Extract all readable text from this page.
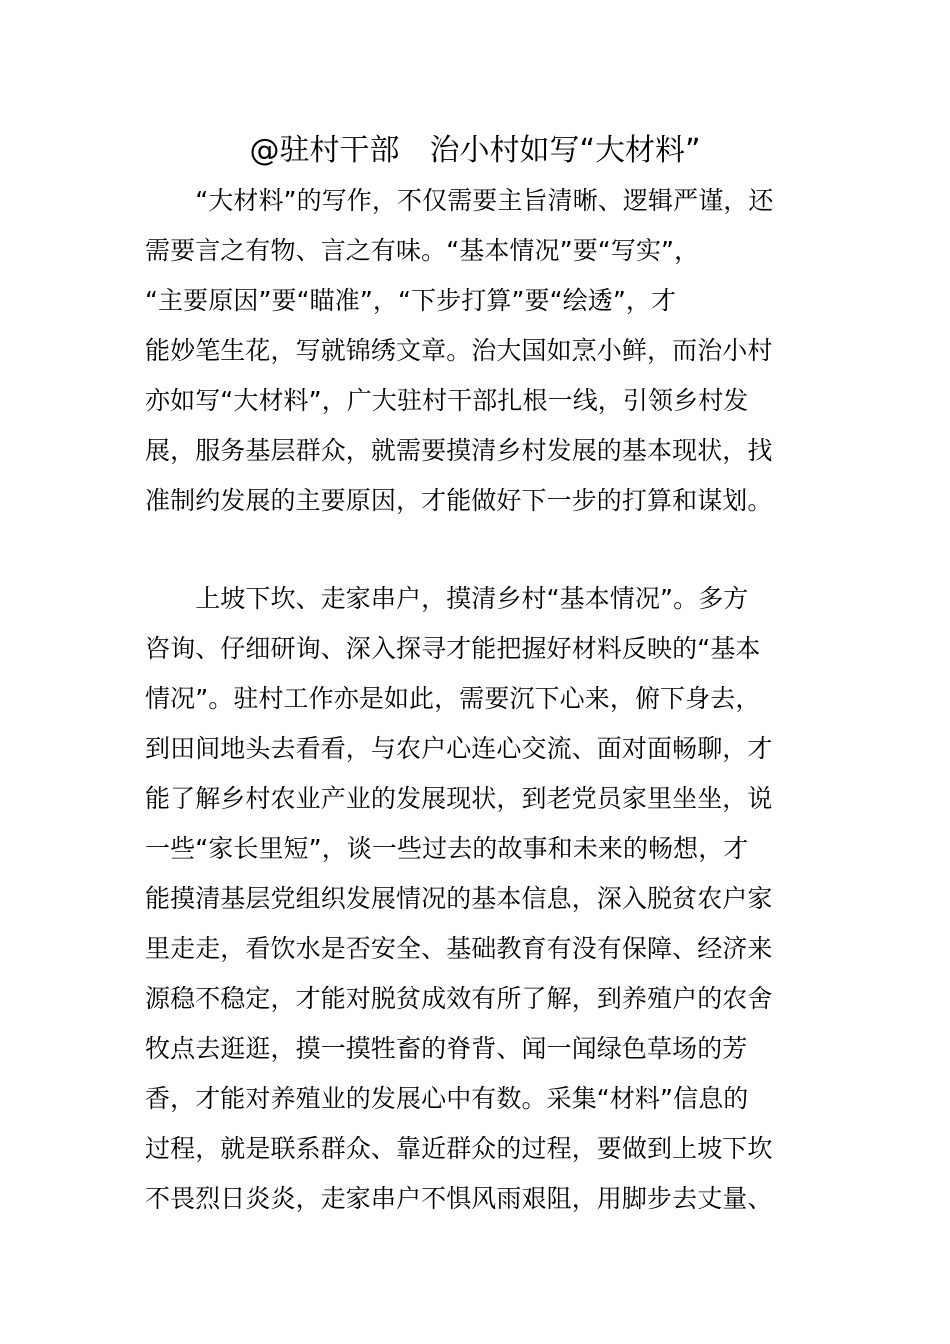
@驻村干部　治小村如写“大材料”

　　“大材料”的写作，不仅需要主旨清晰、逻辑严谨，还

需要言之有物、言之有味。“基本情况”要“写实”，

“主要原因”要“瞄准”，“下步打算”要“绘透”，才

能妙笔生花，写就锦绣文章。治大国如烹小鲜，而治小村

亦如写“大材料”，广大驻村干部扎根一线，引领乡村发

展，服务基层群众，就需要摸清乡村发展的基本现状，找

准制约发展的主要原因，才能做好下一步的打算和谋划。

　　上坡下坎、走家串户，摸清乡村“基本情况”。多方

咨询、仔细研询、深入探寻才能把握好材料反映的“基本

情况”。驻村工作亦是如此，需要沉下心来，俯下身去，

到田间地头去看看，与农户心连心交流、面对面畅聊，才

能了解乡村农业产业的发展现状，到老党员家里坐坐，说

一些“家长里短”，谈一些过去的故事和未来的畅想，才

能摸清基层党组织发展情况的基本信息，深入脱贫农户家

里走走，看饮水是否安全、基础教育有没有保障、经济来

源稳不稳定，才能对脱贫成效有所了解，到养殖户的农舍

牧点去逛逛，摸一摸牲畜的脊背、闻一闻绿色草场的芳

香，才能对养殖业的发展心中有数。采集“材料”信息的

过程，就是联系群众、靠近群众的过程，要做到上坡下坎

不畏烈日炎炎，走家串户不惧风雨艰阻，用脚步去丈量、
